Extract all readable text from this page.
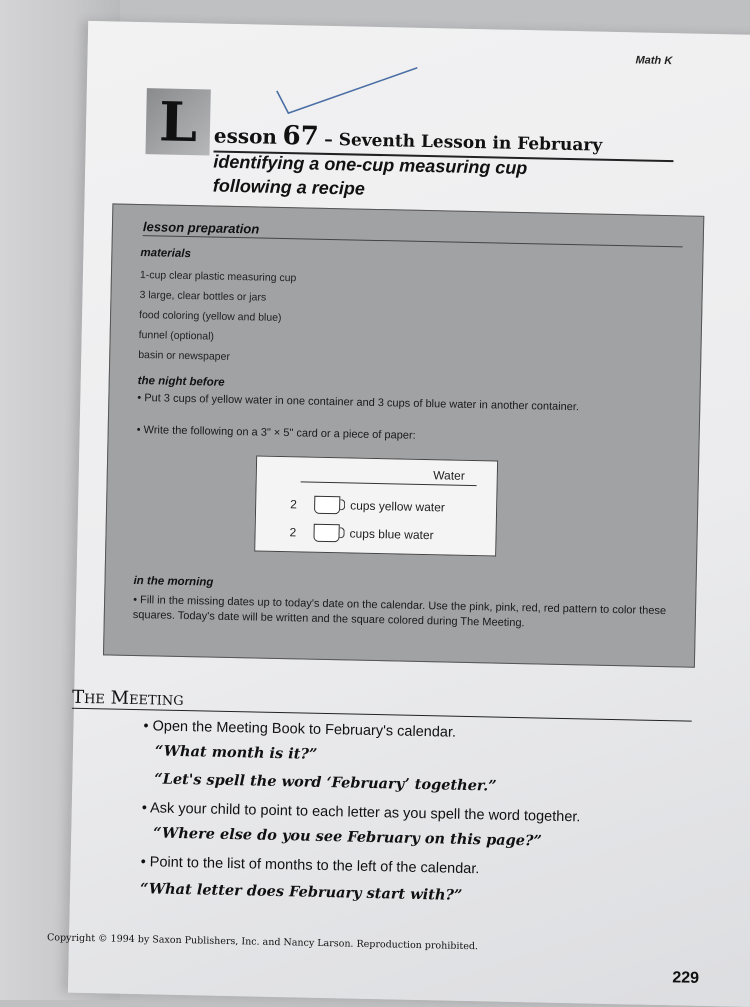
Math K
L esson 67 – Seventh Lesson in February
identifying a one-cup measuring cup
following a recipe
lesson preparation
materials
1-cup clear plastic measuring cup
3 large, clear bottles or jars
food coloring (yellow and blue)
funnel (optional)
basin or newspaper
the night before
• Put 3 cups of yellow water in one container and 3 cups of blue water in another container.
• Write the following on a 3" × 5" card or a piece of paper:
Water
2	cups yellow water
2	cups blue water
in the morning
• Fill in the missing dates up to today's date on the calendar. Use the pink, pink, red, red pattern to color these squares. Today's date will be written and the square colored during The Meeting.
The Meeting
• Open the Meeting Book to February's calendar.
“What month is it?”
“Let's spell the word ‘February’ together.”
• Ask your child to point to each letter as you spell the word together.
“Where else do you see February on this page?”
• Point to the list of months to the left of the calendar.
“What letter does February start with?”
Copyright © 1994 by Saxon Publishers, Inc. and Nancy Larson. Reproduction prohibited.
229
